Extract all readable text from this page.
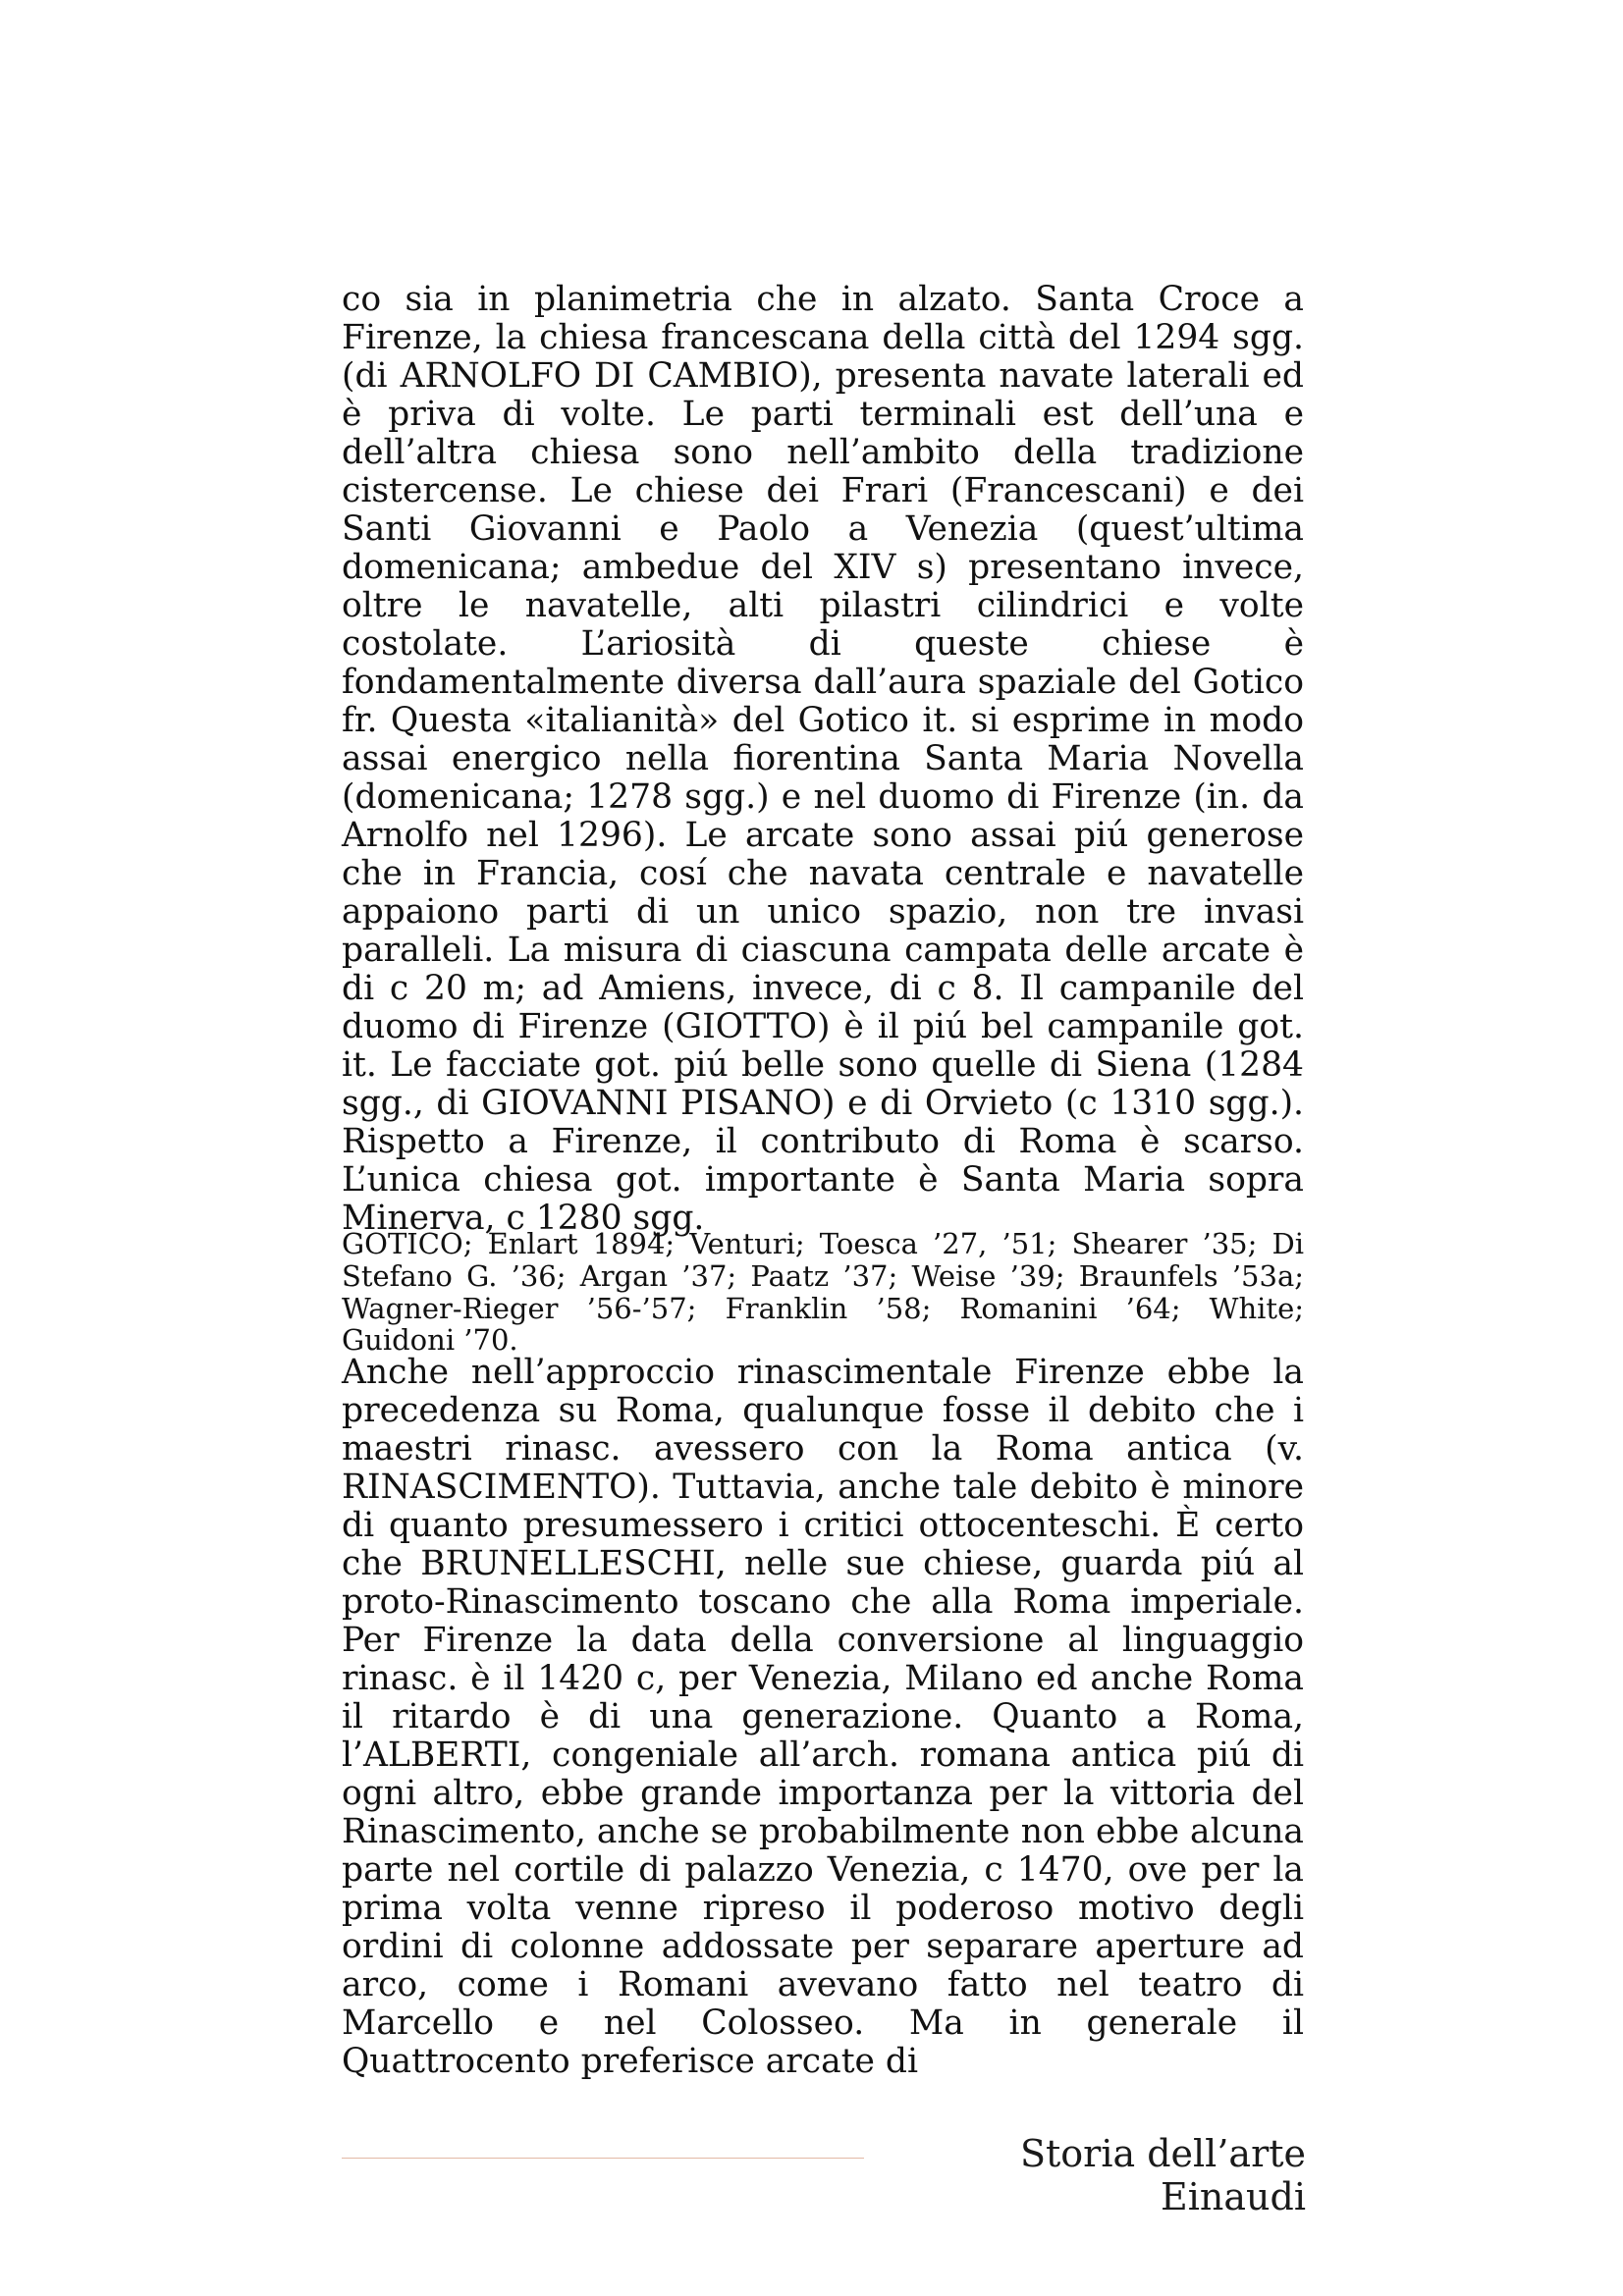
co sia in planimetria che in alzato. Santa Croce a Firenze, la chiesa francescana della città del 1294 sgg. (di ARNOLFO DI CAMBIO), presenta navate laterali ed è priva di volte. Le parti terminali est dell’una e dell’altra chiesa sono nell’ambito della tradizione cistercense. Le chiese dei Frari (Francescani) e dei Santi Giovanni e Paolo a Venezia (quest’ultima domenicana; ambedue del XIV s) presentano invece, oltre le navatelle, alti pilastri cilindrici e volte costolate. L’ariosità di queste chiese è fondamentalmente diversa dall’aura spaziale del Gotico fr. Questa «italianità» del Gotico it. si esprime in modo assai energico nella fiorentina Santa Maria Novella (domenicana; 1278 sgg.) e nel duomo di Firenze (in. da Arnolfo nel 1296). Le arcate sono assai piú generose che in Francia, cosí che navata centrale e navatelle appaiono parti di un unico spazio, non tre invasi paralleli. La misura di ciascuna campata delle arcate è di c 20 m; ad Amiens, invece, di c 8. Il campanile del duomo di Firenze (GIOTTO) è il piú bel campanile got. it. Le facciate got. piú belle sono quelle di Siena (1284 sgg., di GIOVANNI PISANO) e di Orvieto (c 1310 sgg.). Rispetto a Firenze, il contributo di Roma è scarso. L’unica chiesa got. importante è Santa Maria sopra Minerva, c 1280 sgg.

GOTICO; Enlart 1894; Venturi; Toesca ’27, ’51; Shearer ’35; Di Stefano G. ’36; Argan ’37; Paatz ’37; Weise ’39; Braunfels ’53a; Wagner-Rieger ’56-’57; Franklin ’58; Romanini ’64; White; Guidoni ’70.

Anche nell’approccio rinascimentale Firenze ebbe la precedenza su Roma, qualunque fosse il debito che i maestri rinasc. avessero con la Roma antica (v. RINASCIMENTO). Tuttavia, anche tale debito è minore di quanto presumessero i critici ottocenteschi. È certo che BRUNELLESCHI, nelle sue chiese, guarda piú al proto-Rinascimento toscano che alla Roma imperiale. Per Firenze la data della conversione al linguaggio rinasc. è il 1420 c, per Venezia, Milano ed anche Roma il ritardo è di una generazione. Quanto a Roma, l’ALBERTI, congeniale all’arch. romana antica piú di ogni altro, ebbe grande importanza per la vittoria del Rinascimento, anche se probabilmente non ebbe alcuna parte nel cortile di palazzo Venezia, c 1470, ove per la prima volta venne ripreso il poderoso motivo degli ordini di colonne addossate per separare aperture ad arco, come i Romani avevano fatto nel teatro di Marcello e nel Colosseo. Ma in generale il Quattrocento preferisce arcate di

Storia dell’arte Einaudi
